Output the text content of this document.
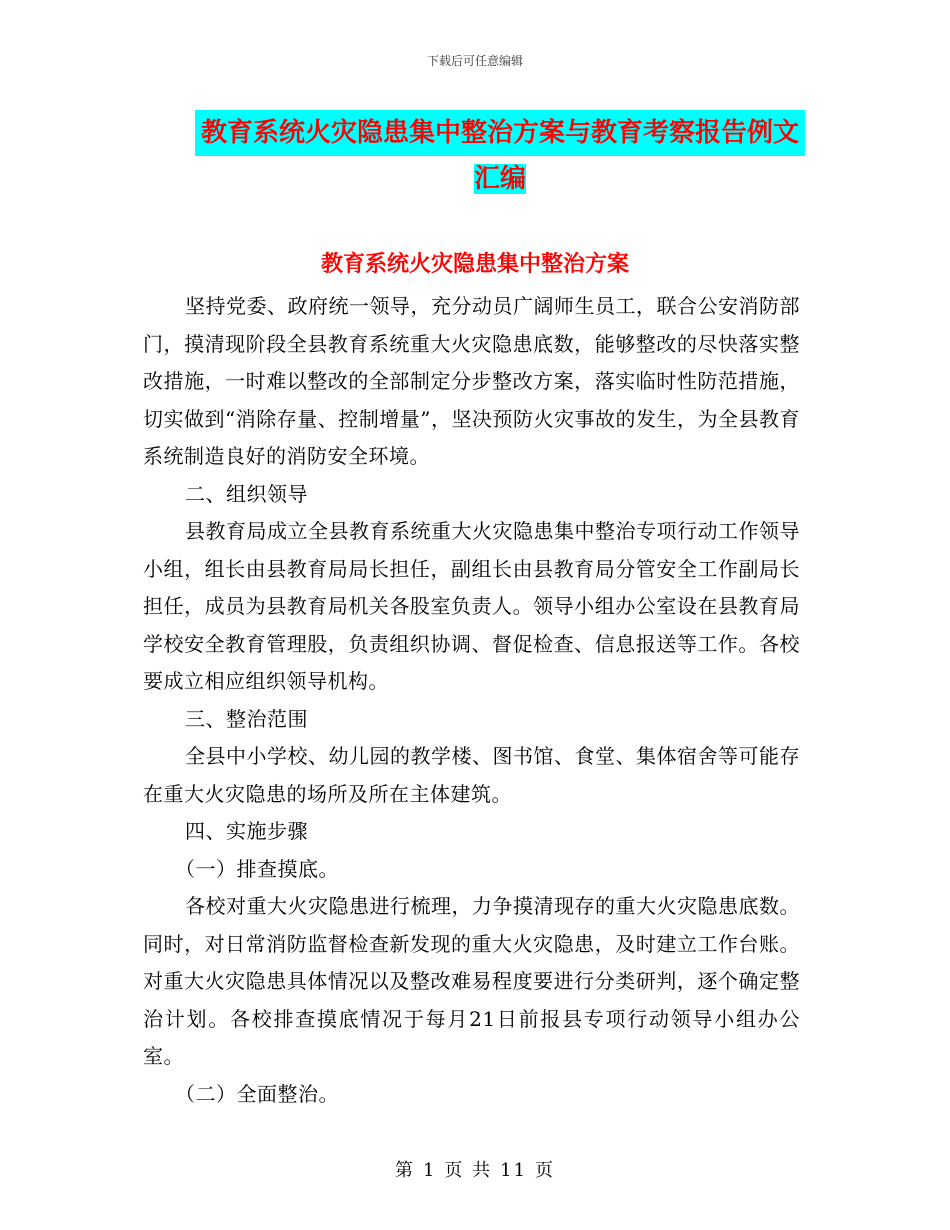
下载后可任意编辑
教育系统火灾隐患集中整治方案与教育考察报告例文
汇编
教育系统火灾隐患集中整治方案

坚持党委、政府统一领导，充分动员广阔师生员工，联合公安消防部门，摸清现阶段全县教育系统重大火灾隐患底数，能够整改的尽快落实整改措施，一时难以整改的全部制定分步整改方案，落实临时性防范措施，切实做到“消除存量、控制增量”，坚决预防火灾事故的发生，为全县教育系统制造良好的消防安全环境。

二、组织领导

县教育局成立全县教育系统重大火灾隐患集中整治专项行动工作领导小组，组长由县教育局局长担任，副组长由县教育局分管安全工作副局长担任，成员为县教育局机关各股室负责人。领导小组办公室设在县教育局学校安全教育管理股，负责组织协调、督促检查、信息报送等工作。各校要成立相应组织领导机构。

三、整治范围

全县中小学校、幼儿园的教学楼、图书馆、食堂、集体宿舍等可能存在重大火灾隐患的场所及所在主体建筑。

四、实施步骤

（一）排查摸底。

各校对重大火灾隐患进行梳理，力争摸清现存的重大火灾隐患底数。同时，对日常消防监督检查新发现的重大火灾隐患，及时建立工作台账。对重大火灾隐患具体情况以及整改难易程度要进行分类研判，逐个确定整治计划。各校排查摸底情况于每月21日前报县专项行动领导小组办公室。

（二）全面整治。

第 1 页 共 11 页
